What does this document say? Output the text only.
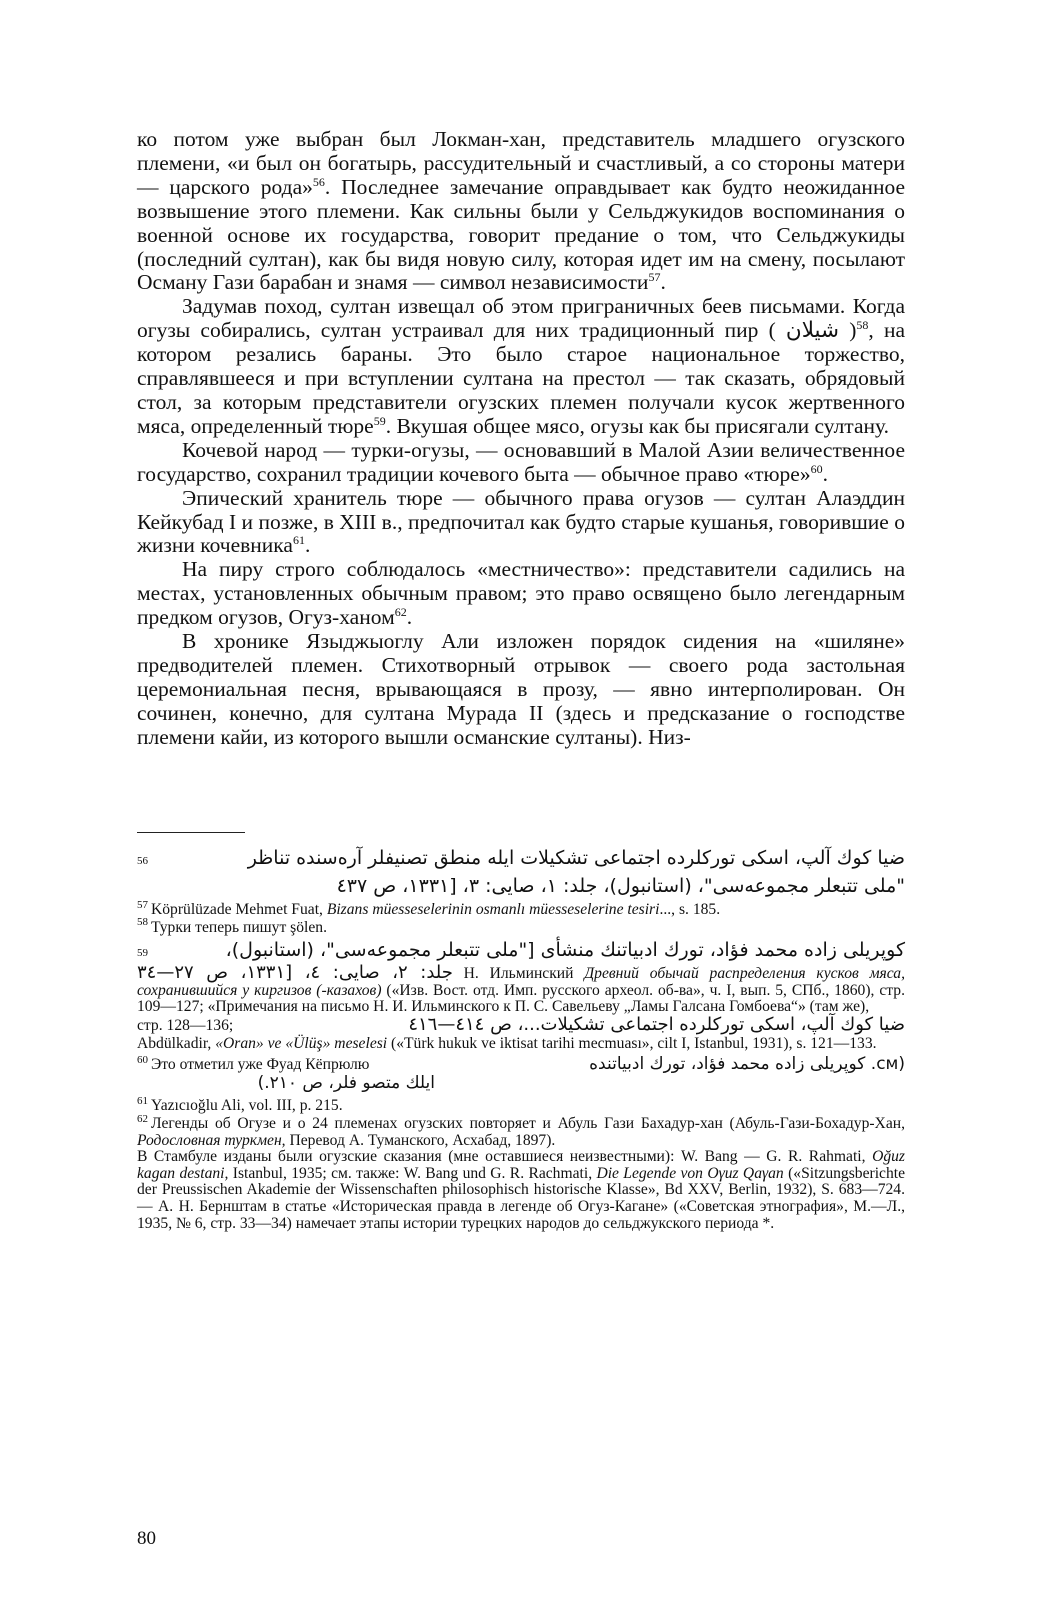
ко потом уже выбран был Локман-хан, представитель младшего огузского племени, «и был он богатырь, рассудительный и счастливый, а со стороны матери — царского рода»$^{56}$. Последнее замечание оправдывает как будто неожиданное возвышение этого племени. Как сильны были у Сельджукидов воспоминания о военной основе их государства, говорит предание о том, что Сельджукиды (последний султан), как бы видя новую силу, которая идет им на смену, посылают Осману Гази барабан и знамя — символ независимости$^{57}$.

Задумав поход, султан извещал об этом приграничных беев письмами. Когда огузы собирались, султан устраивал для них традиционный пир ( ﺷﻴﻼﻥ )$^{58}$, на котором резались бараны. Это было старое национальное торжество, справлявшееся и при вступлении султана на престол — так сказать, обрядовый стол, за которым представители огузских племен получали кусок жертвенного мяса, определенный тюре$^{59}$. Вкушая общее мясо, огузы как бы присягали султану.

Кочевой народ — турки-огузы, — основавший в Малой Азии величественное государство, сохранил традиции кочевого быта — обычное право «тюре»$^{60}$.

Эпический хранитель тюре — обычного права огузов — султан Алаэддин Кейкубад I и позже, в XIII в., предпочитал как будто старые кушанья, говорившие о жизни кочевника$^{61}$.

На пиру строго соблюдалось «местничество»: представители садились на местах, установленных обычным правом; это право освящено было легендарным предком огузов, Огуз-ханом$^{62}$.

В хронике Языджыоглу Али изложен порядок сидения на «шиляне» предводителей племен. Стихотворный отрывок — своего рода застольная церемониальная песня, врывающаяся в прозу, — явно интерполирован. Он сочинен, конечно, для султана Мурада II (здесь и предсказание о господстве племени кайи, из которого вышли османские султаны). Низ-

56	ضيا كوك آلپ، اسكى توركلرده اجتماعى تشكيلات ايله منطق تصنيفلر آرەسندە تناظر
"ملى تتبعلر مجموعەسى"، (استانبول)، جلد: ١، صايى: ٣، [١٣٣١، ص ٤٣٧
$^{57}$ Köprülüzade Mehmet Fuat, Bizans müesseselerinin osmanlı müesseselerine tesiri..., s. 185.
$^{58}$ Турки теперь пишут şölen.
59	كوپريلى زادە محمد فؤاد، تورك ادبياتنك منشأى ["ملى تتبعلر مجموعەسى"، (استانبول)،
جلد: ٢، صايى: ٤، [١٣٣١، ص ٢٧—٣٤ Н. Ильминский Древний обычай распределения кусков мяса, сохранившийся у киргизов (-казахов) («Изв. Вост. отд. Имп. русского археол. об-ва», ч. I, вып. 5, СПб., 1860), стр. 109—127; «Примечания на письмо Н. И. Ильминского к П. С. Савельеву „Ламы Галсана Гомбоева“» (там же),
стр. 128—136;	ضيا كوك آلپ، اسكى توركلرده اجتماعى تشكيلات...، ص ٤١٤—٤١٦
Abdülkadir, «Oran» ve «Ülüş» meselesi («Türk hukuk ve iktisat tarihi mecmuası», cilt I, Istanbul, 1931), s. 121—133.
$^{60}$ Это отметил уже Фуад Кёпрюлю	(см. كوپريلى زادە محمد فؤاد، تورك ادبياتندە
ايلك متصو فلر، ص ٢١٠.)
$^{61}$ Yazıcıoğlu Ali, vol. III, p. 215.

$^{62}$ Легенды об Огузе и о 24 племенах огузских повторяет и Абуль Гази Бахадур-хан (Абуль-Гази-Бохадур-Хан, Родословная туркмен, Перевод А. Туманского, Асхабад, 1897).

В Стамбуле изданы были огузские сказания (мне оставшиеся неизвестными): W. Bang — G. R. Rahmati, Oğuz kagan destani, Istanbul, 1935; см. также: W. Bang und G. R. Rachmati, Die Legende von Oγuz Qaγan («Sitzungsberichte der Preussischen Akademie der Wissenschaften philosophisch historische Klasse», Bd XXV, Berlin, 1932), S. 683—724. — А. Н. Бернштам в статье «Историческая правда в легенде об Огуз-Кагане» («Советская этнография», М.—Л., 1935, № 6, стр. 33—34) намечает этапы истории турецких народов до сельджукского периода *.

80
